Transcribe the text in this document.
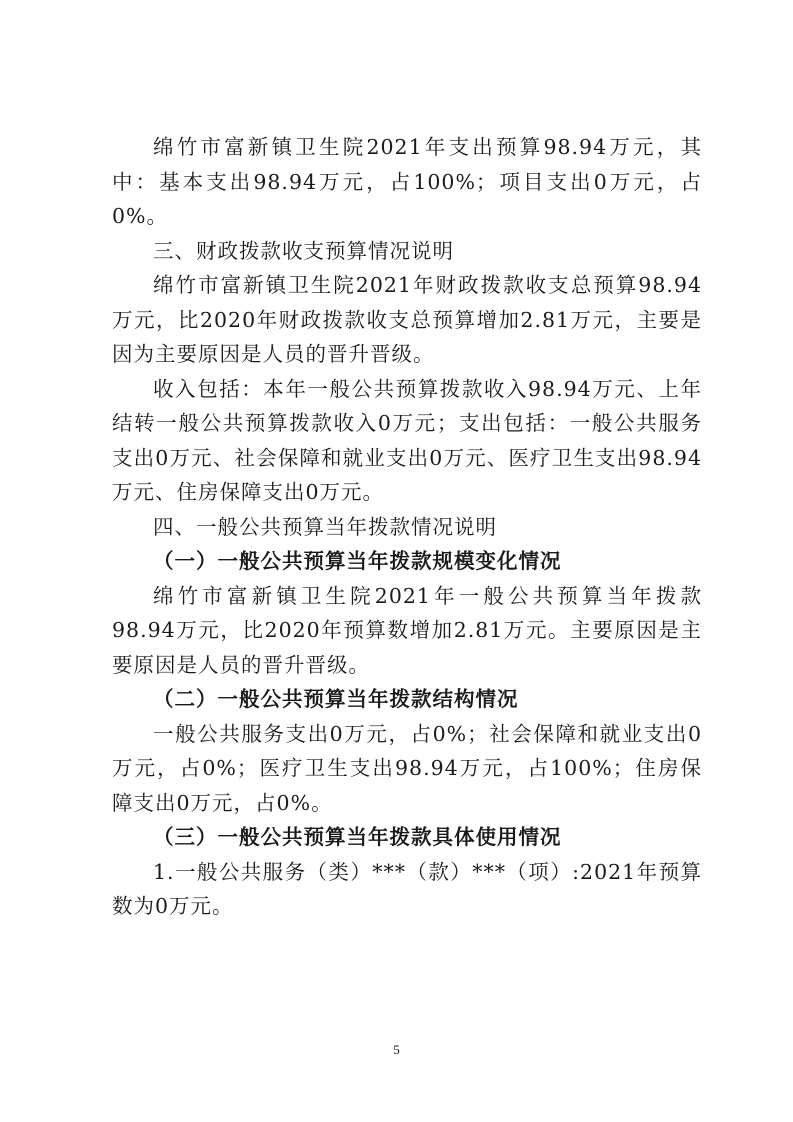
绵竹市富新镇卫生院2021年支出预算98.94万元，其中：基本支出98.94万元，占100%；项目支出0万元，占0%。

三、财政拨款收支预算情况说明

绵竹市富新镇卫生院2021年财政拨款收支总预算98.94万元，比2020年财政拨款收支总预算增加2.81万元，主要是因为主要原因是人员的晋升晋级。

收入包括：本年一般公共预算拨款收入98.94万元、上年结转一般公共预算拨款收入0万元；支出包括：一般公共服务支出0万元、社会保障和就业支出0万元、医疗卫生支出98.94万元、住房保障支出0万元。

四、一般公共预算当年拨款情况说明

（一）一般公共预算当年拨款规模变化情况

绵竹市富新镇卫生院2021年一般公共预算当年拨款98.94万元，比2020年预算数增加2.81万元。主要原因是主要原因是人员的晋升晋级。

（二）一般公共预算当年拨款结构情况

一般公共服务支出0万元，占0%；社会保障和就业支出0万元，占0%；医疗卫生支出98.94万元，占100%；住房保障支出0万元，占0%。

（三）一般公共预算当年拨款具体使用情况

1.一般公共服务（类）***（款）***（项）:2021年预算数为0万元。

5
